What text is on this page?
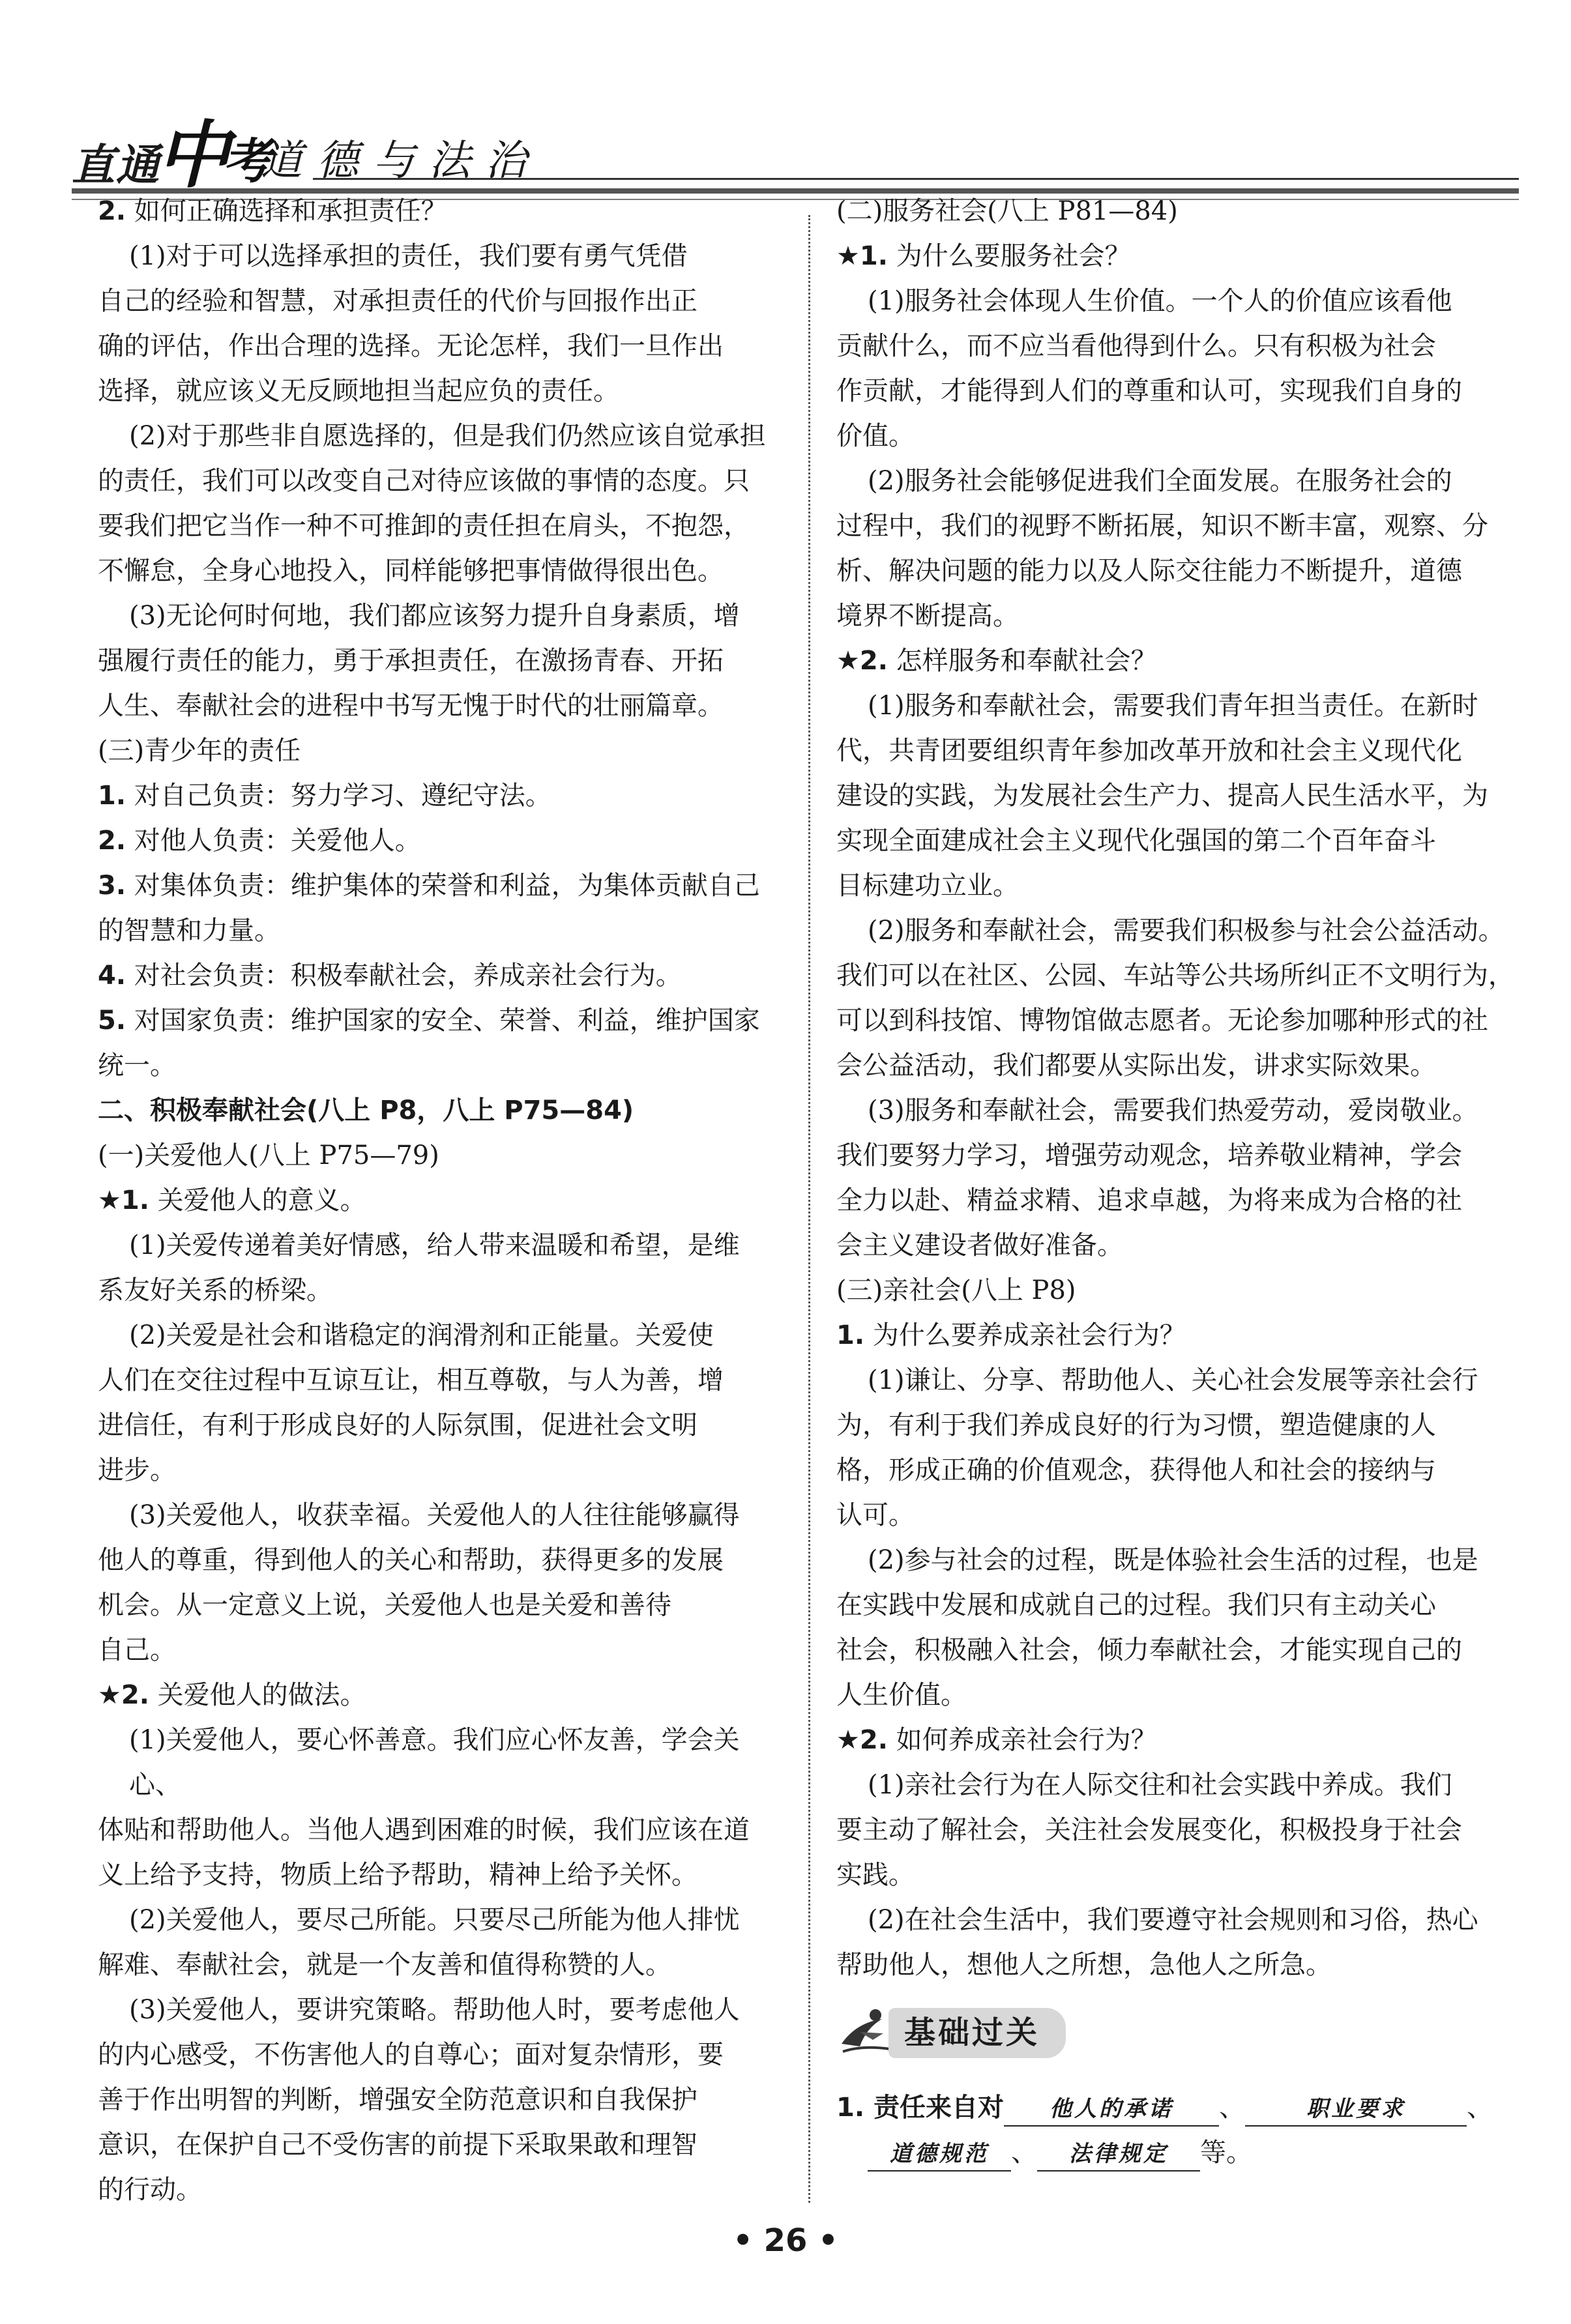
直通
中
考
道德与法治

2. 如何正确选择和承担责任？

(1)对于可以选择承担的责任，我们要有勇气凭借

自己的经验和智慧，对承担责任的代价与回报作出正

确的评估，作出合理的选择。无论怎样，我们一旦作出

选择，就应该义无反顾地担当起应负的责任。

(2)对于那些非自愿选择的，但是我们仍然应该自觉承担

的责任，我们可以改变自己对待应该做的事情的态度。只

要我们把它当作一种不可推卸的责任担在肩头，不抱怨，

不懈怠，全身心地投入，同样能够把事情做得很出色。

(3)无论何时何地，我们都应该努力提升自身素质，增

强履行责任的能力，勇于承担责任，在激扬青春、开拓

人生、奉献社会的进程中书写无愧于时代的壮丽篇章。

(三)青少年的责任

1. 对自己负责：努力学习、遵纪守法。

2. 对他人负责：关爱他人。

3. 对集体负责：维护集体的荣誉和利益，为集体贡献自己

的智慧和力量。

4. 对社会负责：积极奉献社会，养成亲社会行为。

5. 对国家负责：维护国家的安全、荣誉、利益，维护国家

统一。

二、积极奉献社会(八上 P8，八上 P75—84)

(一)关爱他人(八上 P75—79)

★1. 关爱他人的意义。

(1)关爱传递着美好情感，给人带来温暖和希望，是维

系友好关系的桥梁。

(2)关爱是社会和谐稳定的润滑剂和正能量。关爱使

人们在交往过程中互谅互让，相互尊敬，与人为善，增

进信任，有利于形成良好的人际氛围，促进社会文明

进步。

(3)关爱他人，收获幸福。关爱他人的人往往能够赢得

他人的尊重，得到他人的关心和帮助，获得更多的发展

机会。从一定意义上说，关爱他人也是关爱和善待

自己。

★2. 关爱他人的做法。

(1)关爱他人，要心怀善意。我们应心怀友善，学会关心、

体贴和帮助他人。当他人遇到困难的时候，我们应该在道

义上给予支持，物质上给予帮助，精神上给予关怀。

(2)关爱他人，要尽己所能。只要尽己所能为他人排忧

解难、奉献社会，就是一个友善和值得称赞的人。

(3)关爱他人，要讲究策略。帮助他人时，要考虑他人

的内心感受，不伤害他人的自尊心；面对复杂情形，要

善于作出明智的判断，增强安全防范意识和自我保护

意识，在保护自己不受伤害的前提下采取果敢和理智

的行动。

(二)服务社会(八上 P81—84)

★1. 为什么要服务社会？

(1)服务社会体现人生价值。一个人的价值应该看他

贡献什么，而不应当看他得到什么。只有积极为社会

作贡献，才能得到人们的尊重和认可，实现我们自身的

价值。

(2)服务社会能够促进我们全面发展。在服务社会的

过程中，我们的视野不断拓展，知识不断丰富，观察、分

析、解决问题的能力以及人际交往能力不断提升，道德

境界不断提高。

★2. 怎样服务和奉献社会？

(1)服务和奉献社会，需要我们青年担当责任。在新时

代，共青团要组织青年参加改革开放和社会主义现代化

建设的实践，为发展社会生产力、提高人民生活水平，为

实现全面建成社会主义现代化强国的第二个百年奋斗

目标建功立业。

(2)服务和奉献社会，需要我们积极参与社会公益活动。

我们可以在社区、公园、车站等公共场所纠正不文明行为，

可以到科技馆、博物馆做志愿者。无论参加哪种形式的社

会公益活动，我们都要从实际出发，讲求实际效果。

(3)服务和奉献社会，需要我们热爱劳动，爱岗敬业。

我们要努力学习，增强劳动观念，培养敬业精神，学会

全力以赴、精益求精、追求卓越，为将来成为合格的社

会主义建设者做好准备。

(三)亲社会(八上 P8)

1. 为什么要养成亲社会行为？

(1)谦让、分享、帮助他人、关心社会发展等亲社会行

为，有利于我们养成良好的行为习惯，塑造健康的人

格，形成正确的价值观念，获得他人和社会的接纳与

认可。

(2)参与社会的过程，既是体验社会生活的过程，也是

在实践中发展和成就自己的过程。我们只有主动关心

社会，积极融入社会，倾力奉献社会，才能实现自己的

人生价值。

★2. 如何养成亲社会行为？

(1)亲社会行为在人际交往和社会实践中养成。我们

要主动了解社会，关注社会发展变化，积极投身于社会

实践。

(2)在社会生活中，我们要遵守社会规则和习俗，热心

帮助他人，想他人之所想，急他人之所急。

基础过关

1. 责任来自对 他人的承诺 、	职业要求 、

道德规范 、 法律规定 等。

• 26 •
